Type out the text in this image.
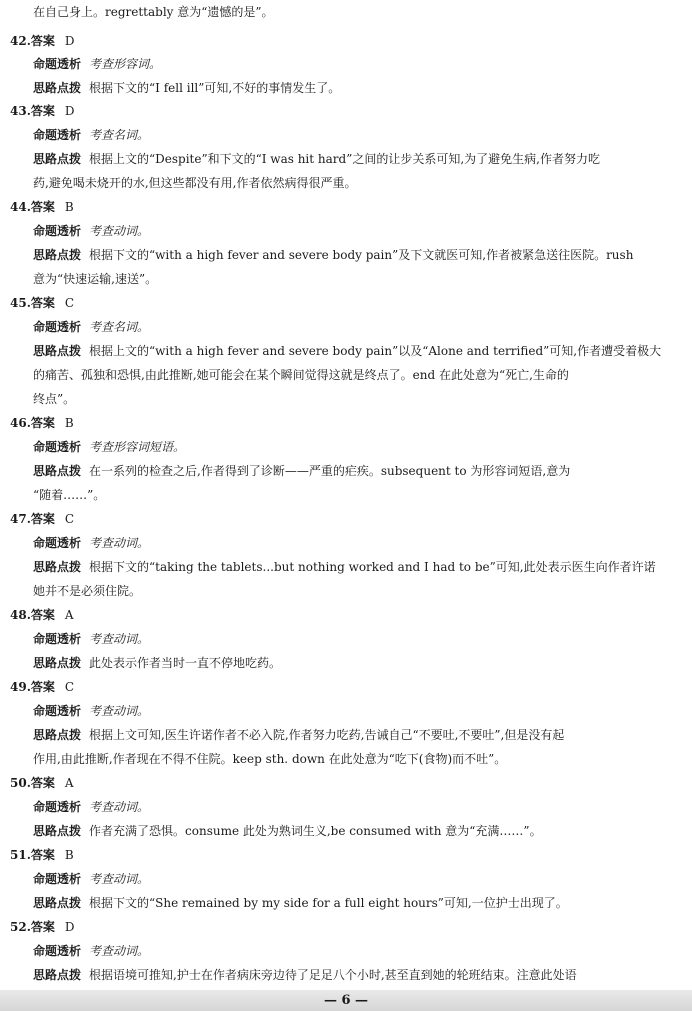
在自己身上。regrettably 意为“遗憾的是”。
42.答案 D
命题透析 考查形容词。
思路点拨 根据下文的“I fell ill”可知,不好的事情发生了。
43.答案 D
命题透析 考查名词。
思路点拨 根据上文的“Despite”和下文的“I was hit hard”之间的让步关系可知,为了避免生病,作者努力吃
药,避免喝未烧开的水,但这些都没有用,作者依然病得很严重。
44.答案 B
命题透析 考查动词。
思路点拨 根据下文的“with a high fever and severe body pain”及下文就医可知,作者被紧急送往医院。rush
意为“快速运输,速送”。
45.答案 C
命题透析 考查名词。
思路点拨 根据上文的“with a high fever and severe body pain”以及“Alone and terrified”可知,作者遭受着极大
的痛苦、孤独和恐惧,由此推断,她可能会在某个瞬间觉得这就是终点了。end 在此处意为“死亡,生命的
终点”。
46.答案 B
命题透析 考查形容词短语。
思路点拨 在一系列的检查之后,作者得到了诊断——严重的疟疾。subsequent to 为形容词短语,意为
“随着……”。
47.答案 C
命题透析 考查动词。
思路点拨 根据下文的“taking the tablets...but nothing worked and I had to be”可知,此处表示医生向作者许诺
她并不是必须住院。
48.答案 A
命题透析 考查动词。
思路点拨 此处表示作者当时一直不停地吃药。
49.答案 C
命题透析 考查动词。
思路点拨 根据上文可知,医生许诺作者不必入院,作者努力吃药,告诫自己“不要吐,不要吐”,但是没有起
作用,由此推断,作者现在不得不住院。keep sth. down 在此处意为“吃下(食物)而不吐”。
50.答案 A
命题透析 考查动词。
思路点拨 作者充满了恐惧。consume 此处为熟词生义,be consumed with 意为“充满……”。
51.答案 B
命题透析 考查动词。
思路点拨 根据下文的“She remained by my side for a full eight hours”可知,一位护士出现了。
52.答案 D
命题透析 考查动词。
思路点拨 根据语境可推知,护士在作者病床旁边待了足足八个小时,甚至直到她的轮班结束。注意此处语
— 6 —
